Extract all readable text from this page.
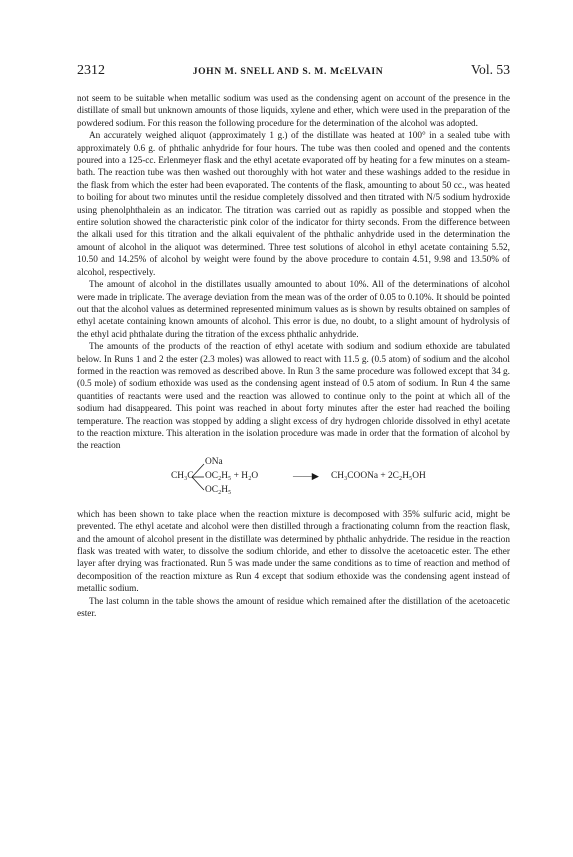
2312	JOHN M. SNELL AND S. M. McELVAIN	Vol. 53

not seem to be suitable when metallic sodium was used as the condensing agent on account of the presence in the distillate of small but unknown amounts of those liquids, xylene and ether, which were used in the preparation of the powdered sodium. For this reason the following procedure for the determination of the alcohol was adopted.

An accurately weighed aliquot (approximately 1 g.) of the distillate was heated at 100° in a sealed tube with approximately 0.6 g. of phthalic anhydride for four hours. The tube was then cooled and opened and the contents poured into a 125-cc. Erlenmeyer flask and the ethyl acetate evaporated off by heating for a few minutes on a steam-bath. The reaction tube was then washed out thoroughly with hot water and these washings added to the residue in the flask from which the ester had been evaporated. The contents of the flask, amounting to about 50 cc., was heated to boiling for about two minutes until the residue completely dissolved and then titrated with N/5 sodium hydroxide using phenolphthalein as an indicator. The titration was carried out as rapidly as possible and stopped when the entire solution showed the characteristic pink color of the indicator for thirty seconds. From the difference between the alkali used for this titration and the alkali equivalent of the phthalic anhydride used in the determination the amount of alcohol in the aliquot was determined. Three test solutions of alcohol in ethyl acetate containing 5.52, 10.50 and 14.25% of alcohol by weight were found by the above procedure to contain 4.51, 9.98 and 13.50% of alcohol, respectively.

The amount of alcohol in the distillates usually amounted to about 10%. All of the determinations of alcohol were made in triplicate. The average deviation from the mean was of the order of 0.05 to 0.10%. It should be pointed out that the alcohol values as determined represented minimum values as is shown by results obtained on samples of ethyl acetate containing known amounts of alcohol. This error is due, no doubt, to a slight amount of hydrolysis of the ethyl acid phthalate during the titration of the excess phthalic anhydride.

The amounts of the products of the reaction of ethyl acetate with sodium and sodium ethoxide are tabulated below. In Runs 1 and 2 the ester (2.3 moles) was allowed to react with 11.5 g. (0.5 atom) of sodium and the alcohol formed in the reaction was removed as described above. In Run 3 the same procedure was followed except that 34 g. (0.5 mole) of sodium ethoxide was used as the condensing agent instead of 0.5 atom of sodium. In Run 4 the same quantities of reactants were used and the reaction was allowed to continue only to the point at which all of the sodium had disappeared. This point was reached in about forty minutes after the ester had reached the boiling temperature. The reaction was stopped by adding a slight excess of dry hydrogen chloride dissolved in ethyl acetate to the reaction mixture. This alteration in the isolation procedure was made in order that the formation of alcohol by the reaction

ONa
CH₃C OC₂H₅ + H₂O	——▶ CH₃COONa + 2C₂H₅OH
OC₂H₅

which has been shown to take place when the reaction mixture is decomposed with 35% sulfuric acid, might be prevented. The ethyl acetate and alcohol were then distilled through a fractionating column from the reaction flask, and the amount of alcohol present in the distillate was determined by phthalic anhydride. The residue in the reaction flask was treated with water, to dissolve the sodium chloride, and ether to dissolve the acetoacetic ester. The ether layer after drying was fractionated. Run 5 was made under the same conditions as to time of reaction and method of decomposition of the reaction mixture as Run 4 except that sodium ethoxide was the condensing agent instead of metallic sodium.

The last column in the table shows the amount of residue which remained after the distillation of the acetoacetic ester.
